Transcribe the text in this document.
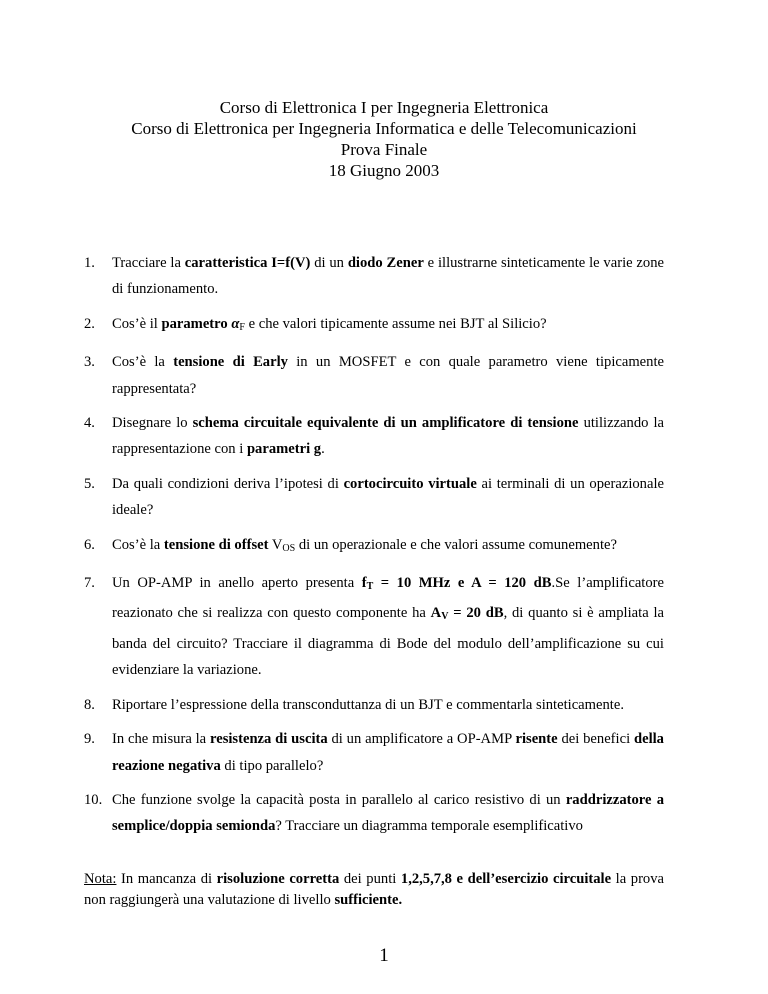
Corso di Elettronica I per Ingegneria Elettronica
Corso di Elettronica per Ingegneria Informatica e delle Telecomunicazioni
Prova Finale
18 Giugno 2003
1. Tracciare la caratteristica I=f(V) di un diodo Zener e illustrarne sinteticamente le varie zone di funzionamento.
2. Cos’è il parametro $\alpha_F$ e che valori tipicamente assume nei BJT al Silicio?
3. Cos’è la tensione di Early in un MOSFET e con quale parametro viene tipicamente rappresentata?
4. Disegnare lo schema circuitale equivalente di un amplificatore di tensione utilizzando la rappresentazione con i parametri g.
5. Da quali condizioni deriva l’ipotesi di cortocircuito virtuale ai terminali di un operazionale ideale?
6. Cos’è la tensione di offset $V_{OS}$ di un operazionale e che valori assume comunemente?
7. Un OP-AMP in anello aperto presenta $f_T = 10$ MHz e A = 120 dB.Se l’amplificatore reazionato che si realizza con questo componente ha $A_V = 20$ dB, di quanto si è ampliata la banda del circuito? Tracciare il diagramma di Bode del modulo dell’amplificazione su cui evidenziare la variazione.
8. Riportare l’espressione della transconduttanza di un BJT e commentarla sinteticamente.
9. In che misura la resistenza di uscita di un amplificatore a OP-AMP risente dei benefici della reazione negativa di tipo parallelo?
10. Che funzione svolge la capacità posta in parallelo al carico resistivo di un raddrizzatore a semplice/doppia semionda? Tracciare un diagramma temporale esemplificativo
Nota: In mancanza di risoluzione corretta dei punti 1,2,5,7,8 e dell’esercizio circuitale la prova non raggiungerà una valutazione di livello sufficiente.
1
